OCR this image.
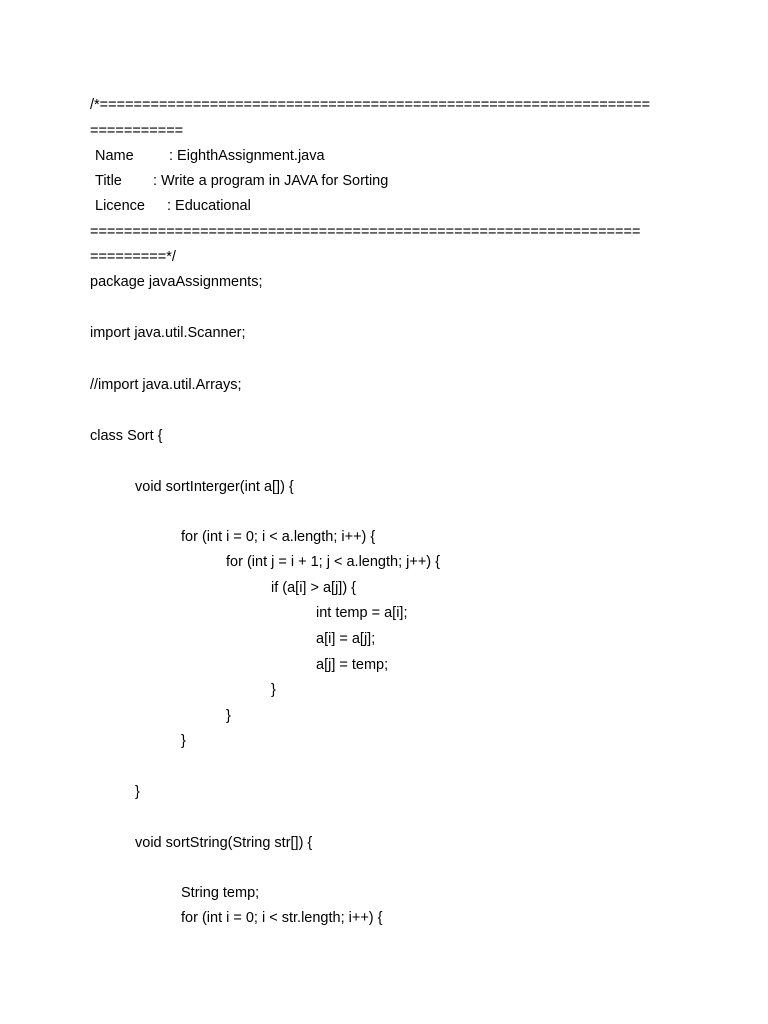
/*=================================================================
===========
Name : EighthAssignment.java
Title : Write a program in JAVA for Sorting
Licence : Educational
=================================================================
=========*/
package javaAssignments;
import java.util.Scanner;
//import java.util.Arrays;
class Sort {
void sortInterger(int a[]) {
for (int i = 0; i < a.length; i++) {
for (int j = i + 1; j < a.length; j++) {
if (a[i] > a[j]) {
int temp = a[i];
a[i] = a[j];
a[j] = temp;
}
}
}
}
void sortString(String str[]) {
String temp;
for (int i = 0; i < str.length; i++) {
